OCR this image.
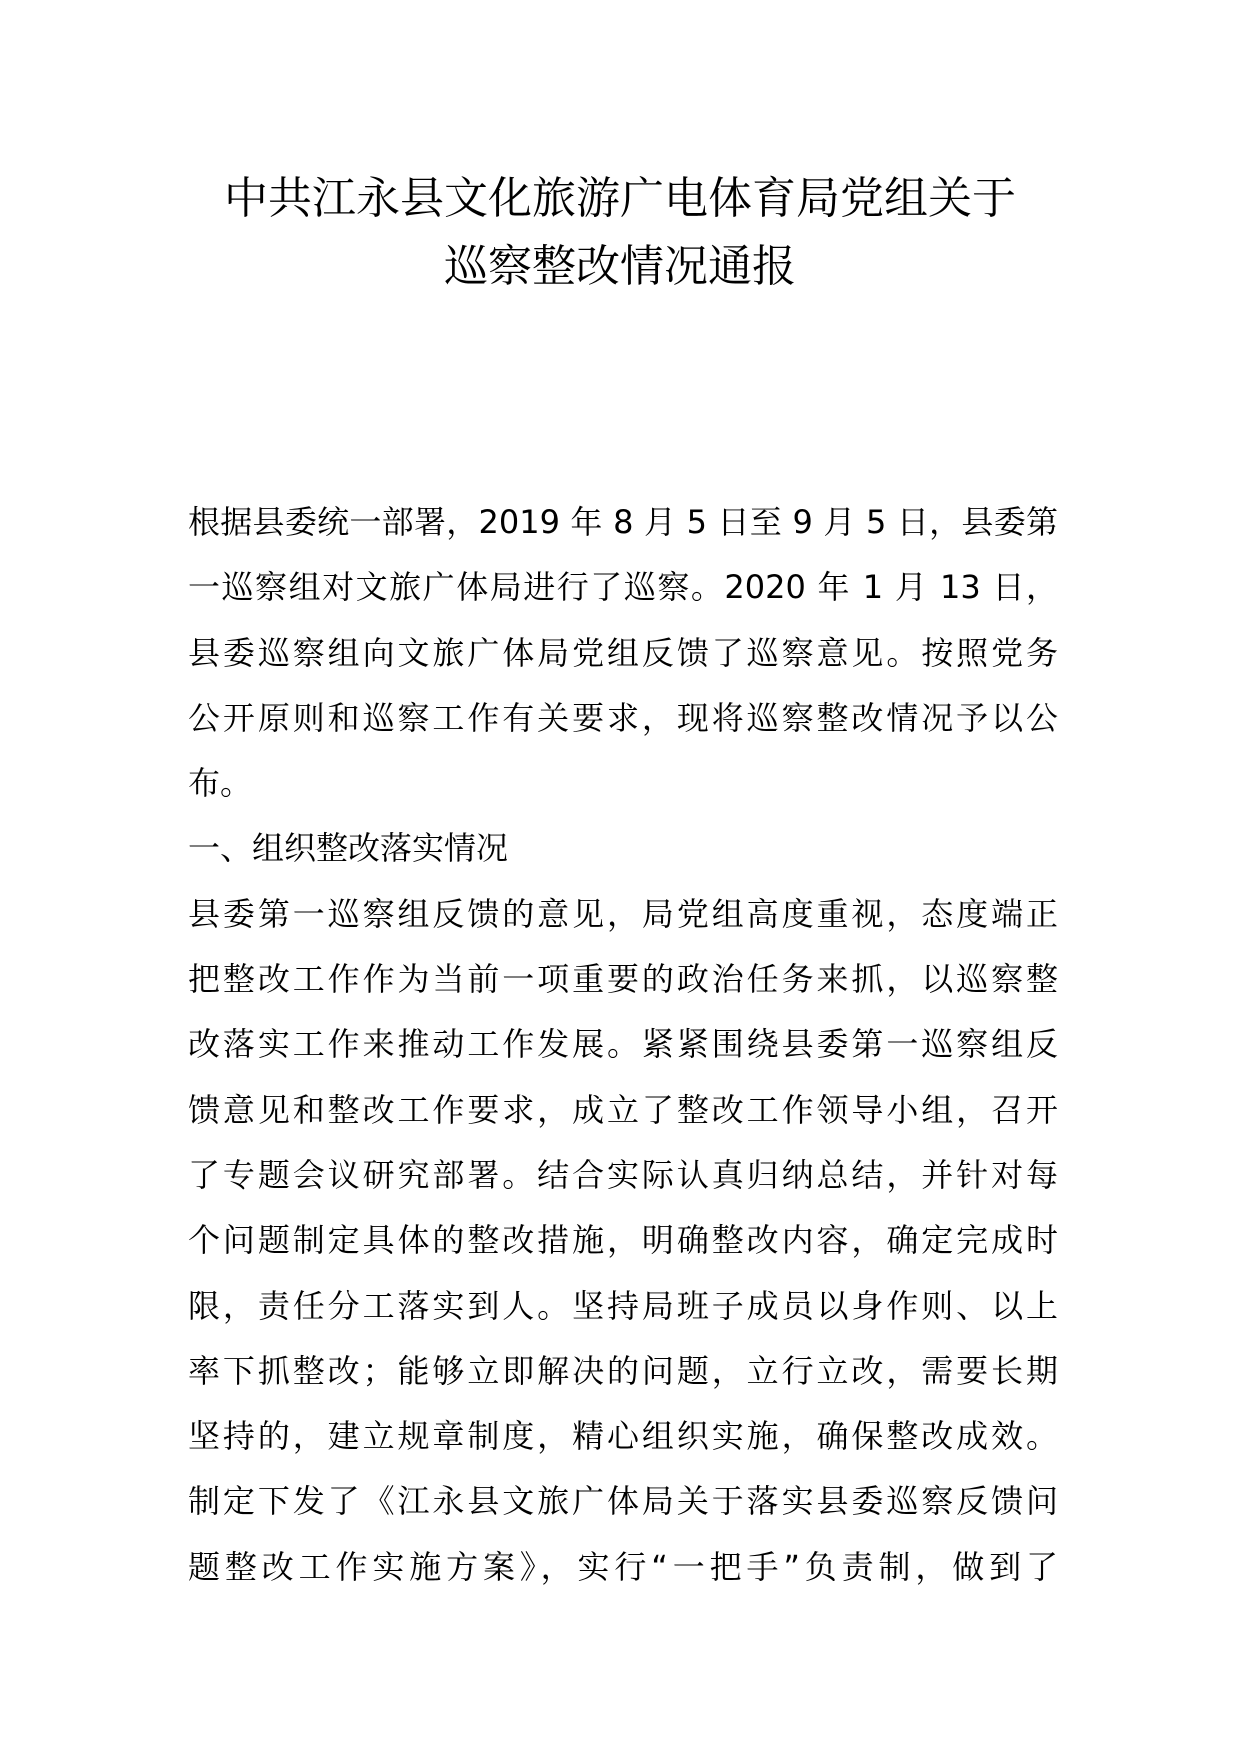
中共江永县文化旅游广电体育局党组关于
巡察整改情况通报
根据县委统一部署，2019 年 8 月 5 日至 9 月 5 日，县委第
一巡察组对文旅广体局进行了巡察。2020 年 1 月 13 日，
县委巡察组向文旅广体局党组反馈了巡察意见。按照党务
公开原则和巡察工作有关要求，现将巡察整改情况予以公
布。
一、组织整改落实情况
县委第一巡察组反馈的意见，局党组高度重视，态度端正
把整改工作作为当前一项重要的政治任务来抓，以巡察整
改落实工作来推动工作发展。紧紧围绕县委第一巡察组反
馈意见和整改工作要求，成立了整改工作领导小组，召开
了专题会议研究部署。结合实际认真归纳总结，并针对每
个问题制定具体的整改措施，明确整改内容，确定完成时
限，责任分工落实到人。坚持局班子成员以身作则、以上
率下抓整改；能够立即解决的问题，立行立改，需要长期
坚持的，建立规章制度，精心组织实施，确保整改成效。
制定下发了《江永县文旅广体局关于落实县委巡察反馈问
题整改工作实施方案》，实行“一把手”负责制，做到了
